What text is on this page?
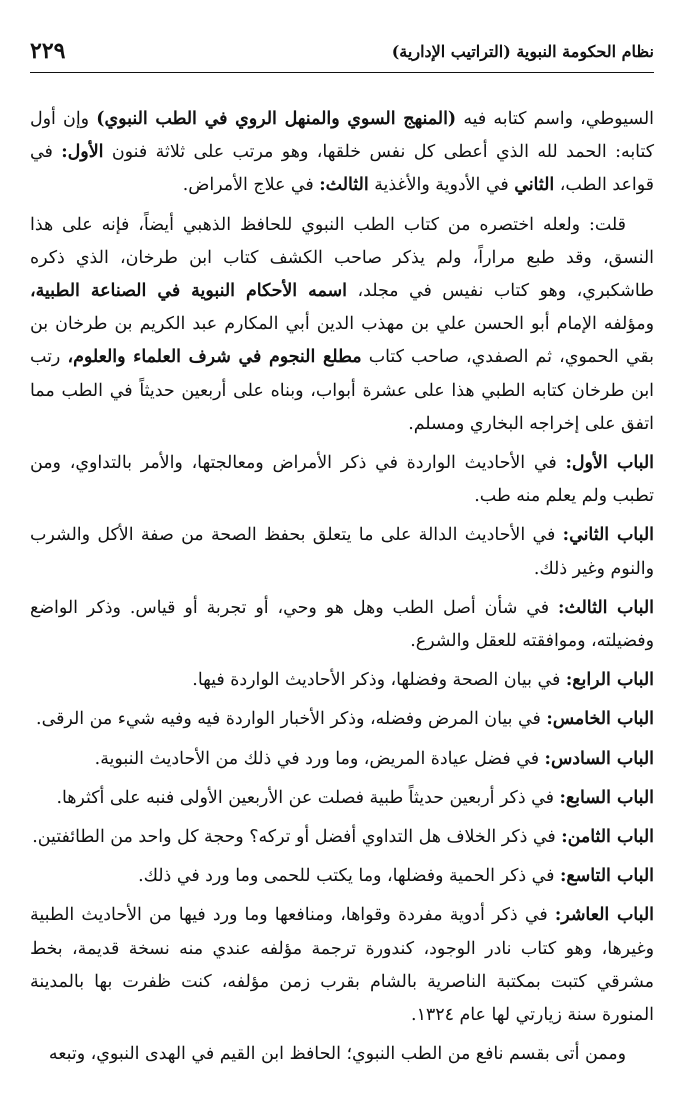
نظام الحكومة النبوية (التراتيب الإدارية)
٢٢٩

السيوطي، واسم كتابه فيه (المنهج السوي والمنهل الروي في الطب النبوي) وإن أول كتابه: الحمد لله الذي أعطى كل نفس خلقها، وهو مرتب على ثلاثة فنون الأول: في قواعد الطب، الثاني في الأدوية والأغذية الثالث: في علاج الأمراض.

قلت: ولعله اختصره من كتاب الطب النبوي للحافظ الذهبي أيضاً، فإنه على هذا النسق، وقد طبع مراراً، ولم يذكر صاحب الكشف كتاب ابن طرخان، الذي ذكره طاشكبري، وهو كتاب نفيس في مجلد، اسمه الأحكام النبوية في الصناعة الطبية، ومؤلفه الإمام أبو الحسن علي بن مهذب الدين أبي المكارم عبد الكريم بن طرخان بن بقي الحموي، ثم الصفدي، صاحب كتاب مطلع النجوم في شرف العلماء والعلوم، رتب ابن طرخان كتابه الطبي هذا على عشرة أبواب، وبناه على أربعين حديثاً في الطب مما اتفق على إخراجه البخاري ومسلم.

الباب الأول: في الأحاديث الواردة في ذكر الأمراض ومعالجتها، والأمر بالتداوي، ومن تطبب ولم يعلم منه طب.

الباب الثاني: في الأحاديث الدالة على ما يتعلق بحفظ الصحة من صفة الأكل والشرب والنوم وغير ذلك.

الباب الثالث: في شأن أصل الطب وهل هو وحي، أو تجربة أو قياس. وذكر الواضع وفضيلته، وموافقته للعقل والشرع.

الباب الرابع: في بيان الصحة وفضلها، وذكر الأحاديث الواردة فيها.

الباب الخامس: في بيان المرض وفضله، وذكر الأخبار الواردة فيه وفيه شيء من الرقى.

الباب السادس: في فضل عيادة المريض، وما ورد في ذلك من الأحاديث النبوية.

الباب السابع: في ذكر أربعين حديثاً طبية فصلت عن الأربعين الأولى فنبه على أكثرها.

الباب الثامن: في ذكر الخلاف هل التداوي أفضل أو تركه؟ وحجة كل واحد من الطائفتين.

الباب التاسع: في ذكر الحمية وفضلها، وما يكتب للحمى وما ورد في ذلك.

الباب العاشر: في ذكر أدوية مفردة وقواها، ومنافعها وما ورد فيها من الأحاديث الطبية وغيرها، وهو كتاب نادر الوجود، كندورة ترجمة مؤلفه عندي منه نسخة قديمة، بخط مشرقي كتبت بمكتبة الناصرية بالشام بقرب زمن مؤلفه، كنت ظفرت بها بالمدينة المنورة سنة زيارتي لها عام ١٣٢٤.

وممن أتى بقسم نافع من الطب النبوي؛ الحافظ ابن القيم في الهدى النبوي، وتبعه
